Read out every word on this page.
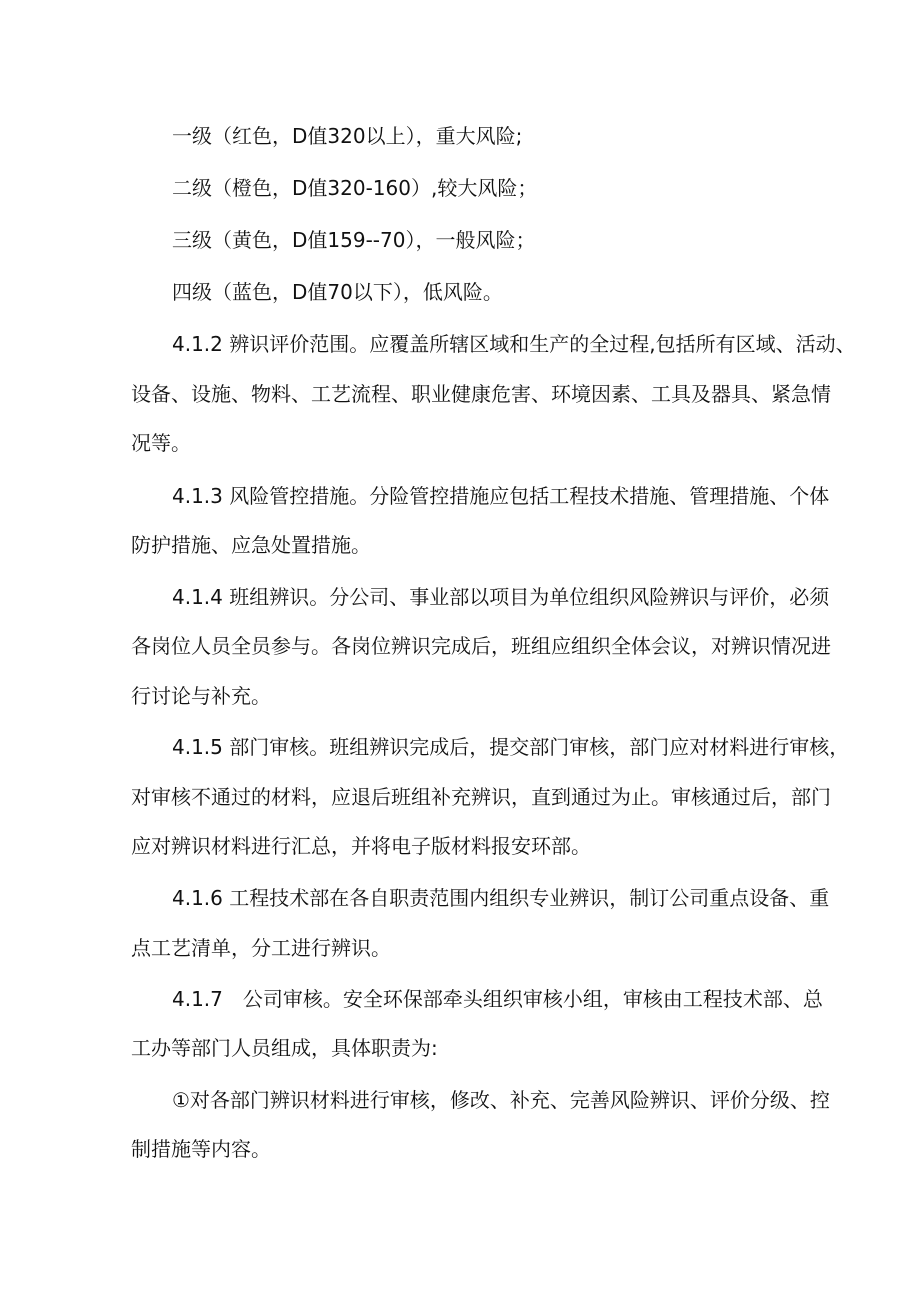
一级（红色，D值320以上），重大风险;
二级（橙色，D值320-160）,较大风险；
三级（黄色，D值159--70），一般风险；
四级（蓝色，D值70以下），低风险。
4.1.2 辨识评价范围。应覆盖所辖区域和生产的全过程,包括所有区域、活动、
设备、设施、物料、工艺流程、职业健康危害、环境因素、工具及器具、紧急情
况等。
4.1.3 风险管控措施。分险管控措施应包括工程技术措施、管理措施、个体
防护措施、应急处置措施。
4.1.4 班组辨识。分公司、事业部以项目为单位组织风险辨识与评价，必须
各岗位人员全员参与。各岗位辨识完成后，班组应组织全体会议，对辨识情况进
行讨论与补充。
4.1.5 部门审核。班组辨识完成后，提交部门审核，部门应对材料进行审核，
对审核不通过的材料，应退后班组补充辨识，直到通过为止。审核通过后，部门
应对辨识材料进行汇总，并将电子版材料报安环部。
4.1.6 工程技术部在各自职责范围内组织专业辨识，制订公司重点设备、重
点工艺清单，分工进行辨识。
4.1.7　公司审核。安全环保部牵头组织审核小组，审核由工程技术部、总
工办等部门人员组成，具体职责为:
①对各部门辨识材料进行审核，修改、补充、完善风险辨识、评价分级、控
制措施等内容。
